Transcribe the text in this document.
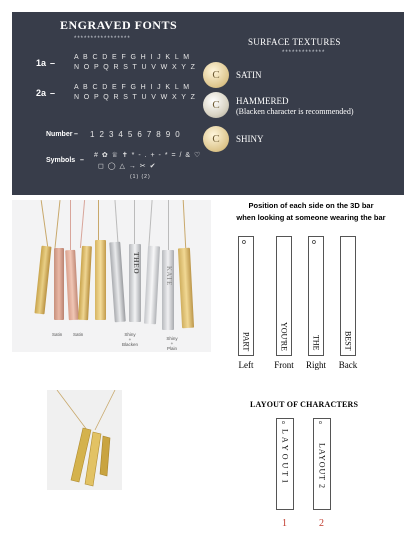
ENGRAVED FONTS
*****************
1a –
A B C D E F G H I J K L M
N O P Q R S T U V W X Y Z
2a –
A B C D E F G H I J K L M
N O P Q R S T U V W X Y Z
Number – 1 2 3 4 5 6 7 8 9 0
Symbols –
# ✿ ♕ ✝ * - . + - * = / & ♡
◻ ◯ △ → ✂ ✔
(1) (2)
SURFACE TEXTURES
*************
C	SATIN
C	HAMMERED
(Blacken character is recommended)
C	SHINY
THEO
KATE
Satin Satin	Shiny
+
Blacken
Shiny
+
Plain
Position of each side on the 3D bar
when looking at someone wearing the bar
o
PART	YOU'RE
o
THE	BEST
Left	Front	Right	Back
LAYOUT OF CHARACTERS
o
LAYOUT1
o
LAYOUT 2
1	2
